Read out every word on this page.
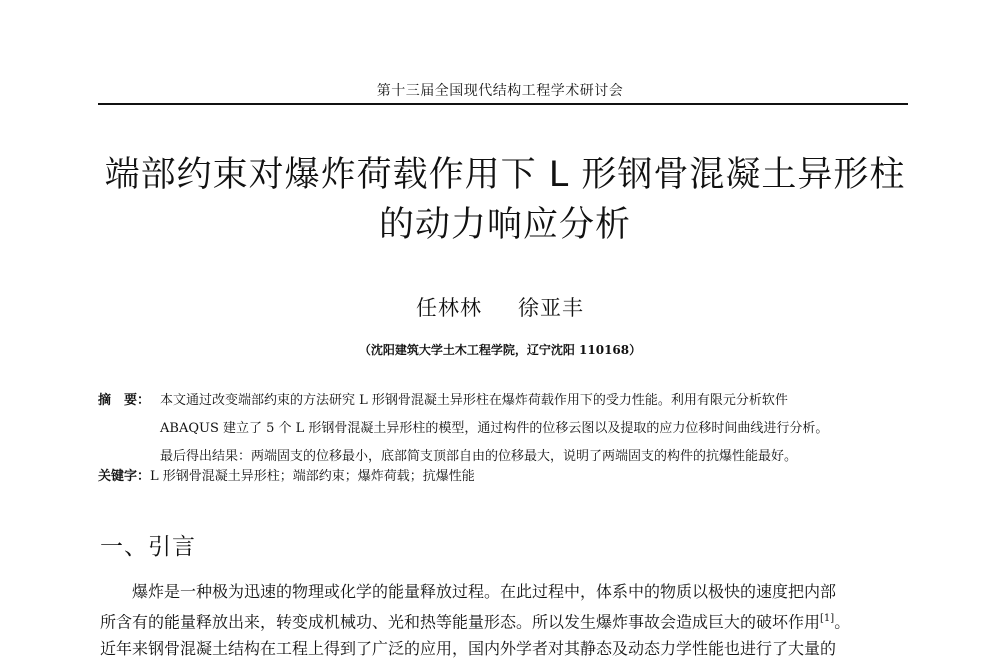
第十三届全国现代结构工程学术研讨会
端部约束对爆炸荷载作用下 L 形钢骨混凝土异形柱
的动力响应分析
任林林 徐亚丰
（沈阳建筑大学土木工程学院，辽宁沈阳 110168）
摘　要： 本文通过改变端部约束的方法研究 L 形钢骨混凝土异形柱在爆炸荷载作用下的受力性能。利用有限元分析软件
ABAQUS 建立了 5 个 L 形钢骨混凝土异形柱的模型，通过构件的位移云图以及提取的应力位移时间曲线进行分析。
最后得出结果：两端固支的位移最小，底部简支顶部自由的位移最大，说明了两端固支的构件的抗爆性能最好。
关键字：L 形钢骨混凝土异形柱；端部约束；爆炸荷载；抗爆性能
一、引言
爆炸是一种极为迅速的物理或化学的能量释放过程。在此过程中，体系中的物质以极快的速度把内部
所含有的能量释放出来，转变成机械功、光和热等能量形态。所以发生爆炸事故会造成巨大的破坏作用[1]。
近年来钢骨混凝土结构在工程上得到了广泛的应用，国内外学者对其静态及动态力学性能也进行了大量的
